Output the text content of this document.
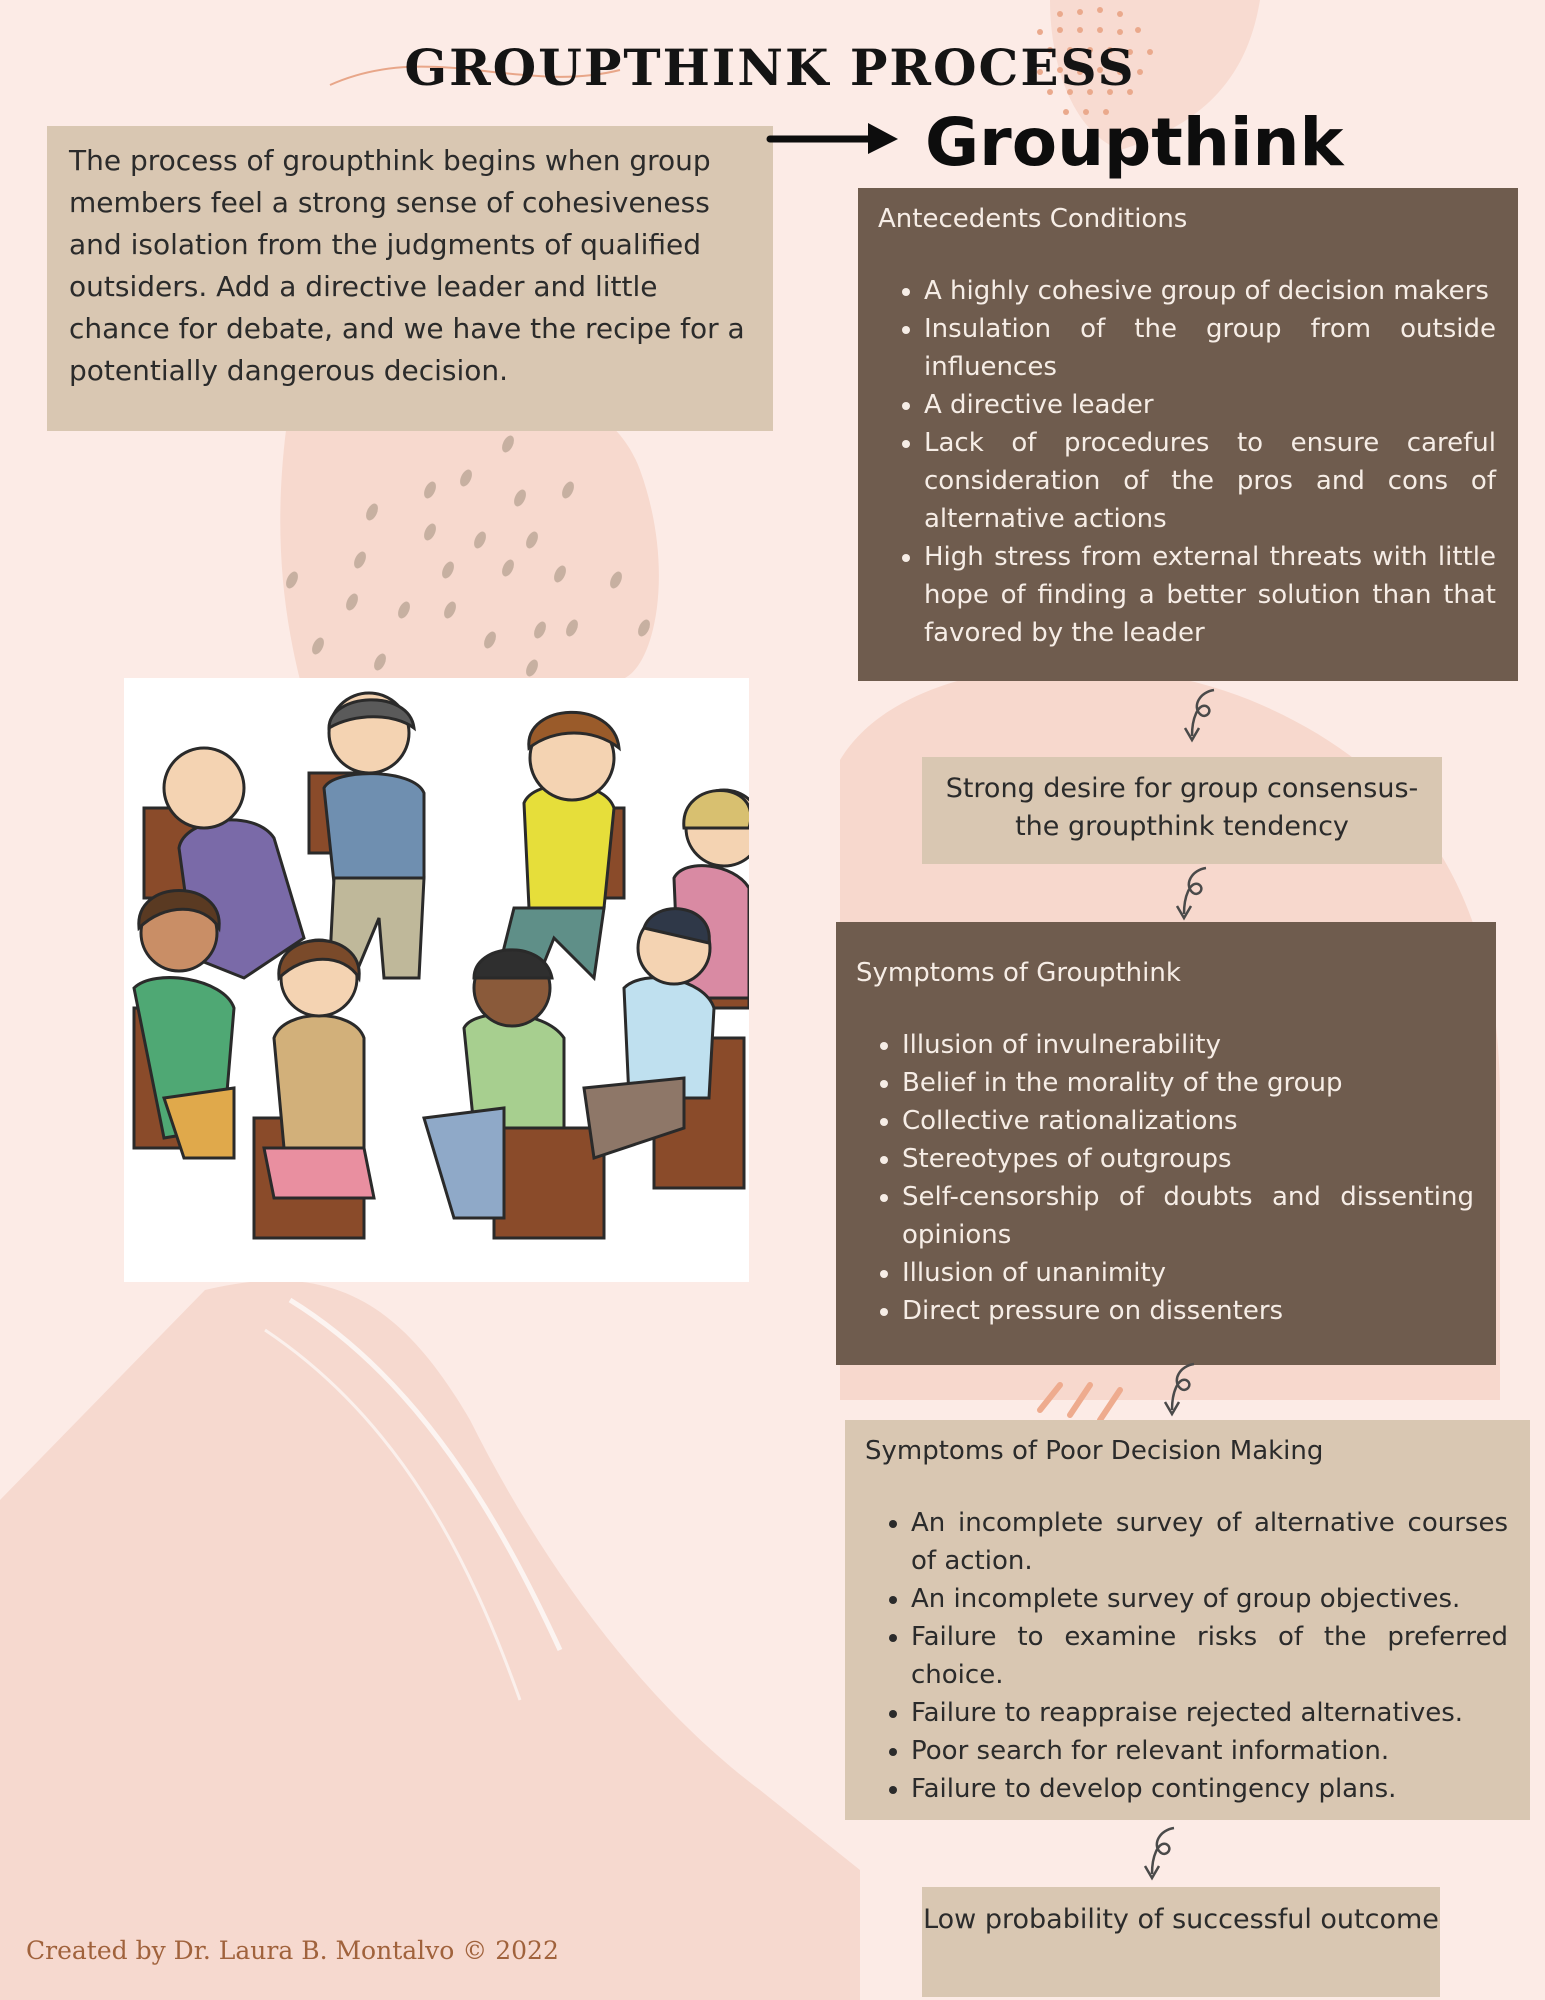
GROUPTHINK PROCESS
The process of groupthink begins when group members feel a strong sense of cohesiveness and isolation from the judgments of qualified outsiders. Add a directive leader and little chance for debate, and we have the recipe for a potentially dangerous decision.
Groupthink

Antecedents Conditions

• A highly cohesive group of decision makers
• Insulation of the group from outside influences
• A directive leader
• Lack of procedures to ensure careful consideration of the pros and cons of alternative actions
• High stress from external threats with little hope of finding a better solution than that favored by the leader
Strong desire for group consensus- the groupthink tendency

Symptoms of Groupthink

• Illusion of invulnerability
• Belief in the morality of the group
• Collective rationalizations
• Stereotypes of outgroups
• Self-censorship of doubts and dissenting opinions
• Illusion of unanimity
• Direct pressure on dissenters

Symptoms of Poor Decision Making

• An incomplete survey of alternative courses of action.
• An incomplete survey of group objectives.
• Failure to examine risks of the preferred choice.
• Failure to reappraise rejected alternatives.
• Poor search for relevant information.
• Failure to develop contingency plans.
Low probability of successful outcome
Created by Dr. Laura B. Montalvo © 2022
